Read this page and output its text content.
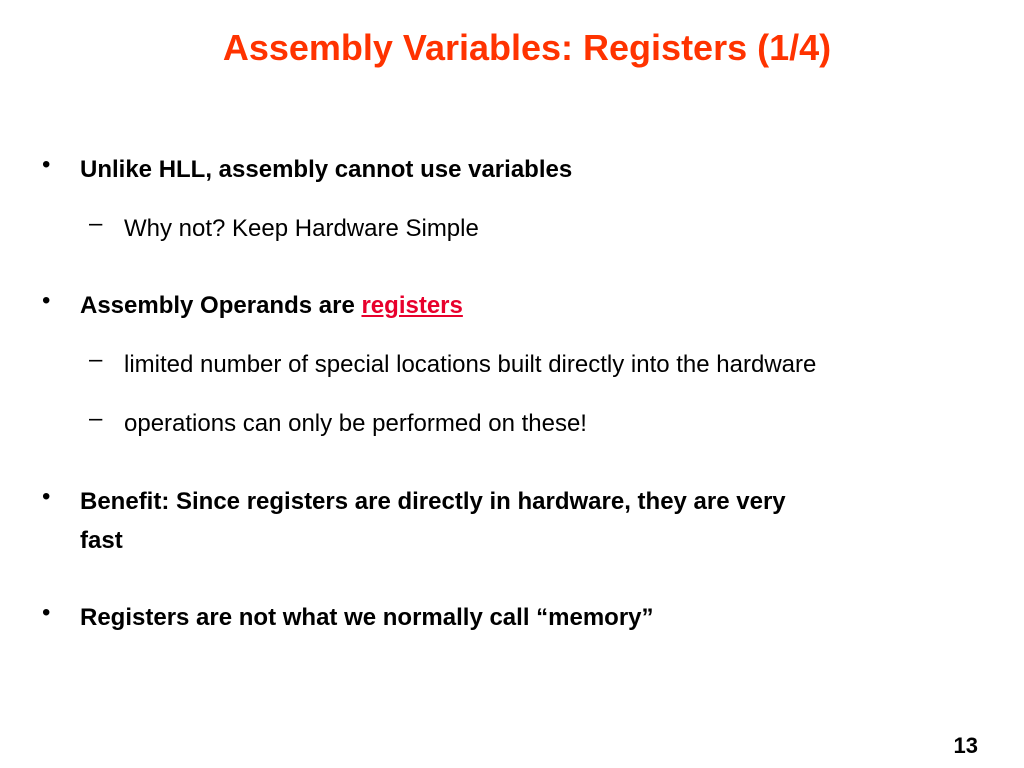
Assembly Variables: Registers (1/4)
• Unlike HLL, assembly cannot use variables
– Why not? Keep Hardware Simple
• Assembly Operands are registers
– limited number of special locations built directly into the hardware
– operations can only be performed on these!
• Benefit: Since registers are directly in hardware, they are very
fast
• Registers are not what we normally call “memory”
13
